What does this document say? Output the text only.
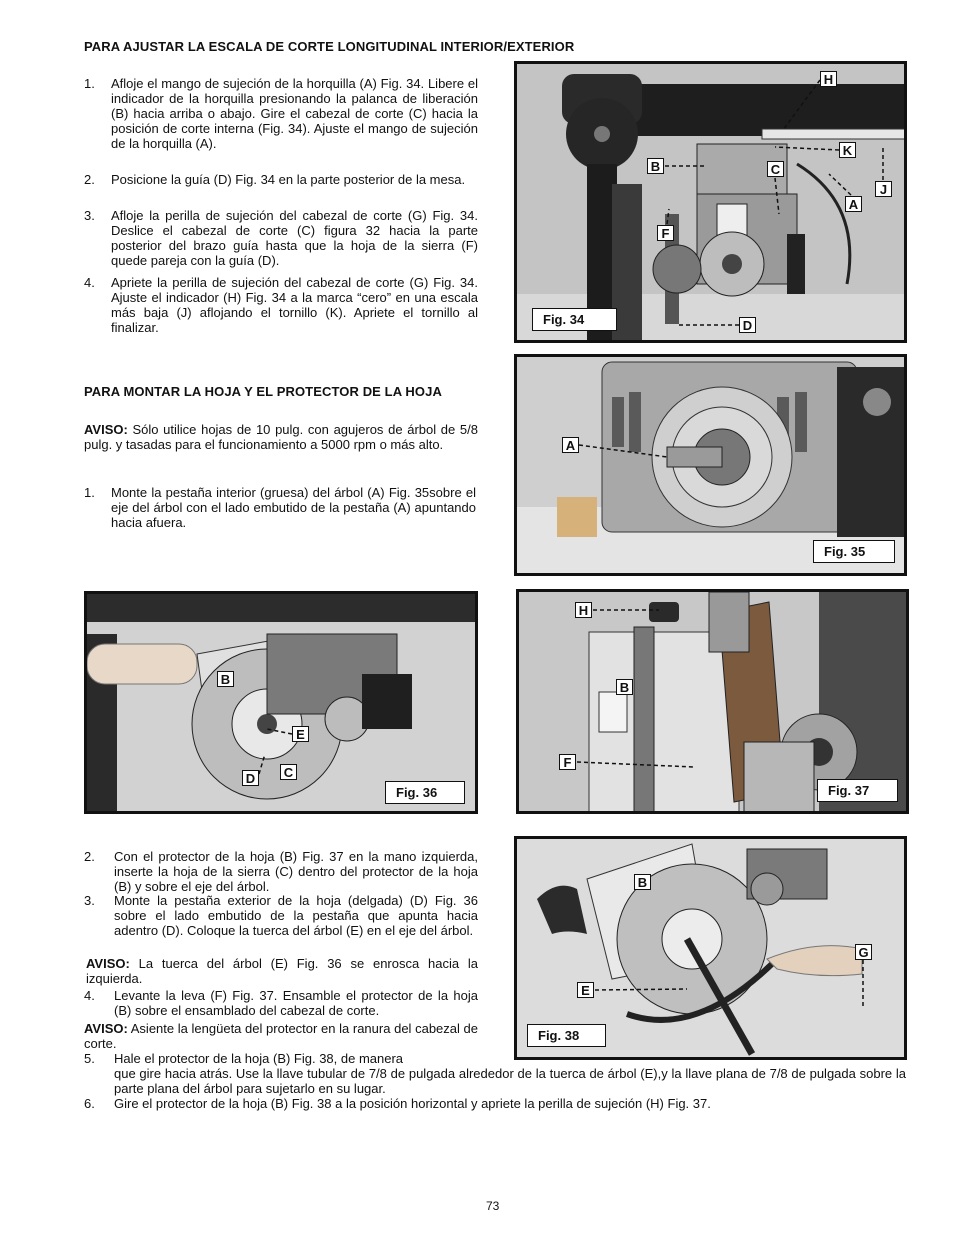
PARA AJUSTAR LA ESCALA DE CORTE LONGITUDINAL INTERIOR/EXTERIOR
1. Afloje el mango de sujeción de la horquilla (A) Fig. 34. Libere el indicador de la horquilla presionando la palanca de liberación (B) hacia arriba o abajo. Gire el cabezal de corte (C) hacia la posición de corte interna (Fig. 34). Ajuste el mango de sujeción de la horquilla (A).
2. Posicione la guía (D) Fig. 34 en la parte posterior de la mesa.
3. Afloje la perilla de sujeción del cabezal de corte (G) Fig. 34. Deslice el cabezal de corte (C) figura 32 hacia la parte posterior del brazo guía hasta que la hoja de la sierra (F) quede pareja con la guía (D).
4. Apriete la perilla de sujeción del cabezal de corte (G) Fig. 34. Ajuste el indicador (H) Fig. 34 a la marca “cero” en una escala más baja (J) aflojando el tornillo (K). Apriete el tornillo al finalizar.
PARA MONTAR LA HOJA Y EL PROTECTOR DE LA HOJA
AVISO: Sólo utilice hojas de 10 pulg. con agujeros de árbol de 5/8 pulg. y tasadas para el funcionamiento a 5000 rpm o más alto.
1. Monte la pestaña interior (gruesa) del árbol (A) Fig. 35sobre el eje del árbol con el lado embutido de la pestaña (A) apuntando hacia afuera.
2. Con el protector de la hoja (B) Fig. 37 en la mano izquierda, inserte la hoja de la sierra (C) dentro del protector de la hoja (B) y sobre el eje del árbol.
3. Monte la pestaña exterior de la hoja (delgada) (D) Fig. 36 sobre el lado embutido de la pestaña que apunta hacia adentro (D). Coloque la tuerca del árbol (E) en el eje del árbol.
AVISO: La tuerca del árbol (E) Fig. 36 se enrosca hacia la izquierda.
4. Levante la leva (F) Fig. 37. Ensamble el protector de la hoja (B) sobre el ensamblado del cabezal de corte.
AVISO: Asiente la lengüeta del protector en la ranura del cabezal de corte.
5. Hale el protector de la hoja (B) Fig. 38, de manera
que gire hacia atrás. Use la llave tubular de 7/8 de pulgada alrededor de la tuerca de árbol (E),y la llave plana de 7/8 de pulgada sobre la parte plana del árbol para sujetarlo en su lugar.
6. Gire el protector de la hoja (B) Fig. 38 a la posición horizontal y apriete la perilla de sujeción (H) Fig. 37.
H
K
B	C
J
A
F
D
Fig. 34
A
Fig. 35
B
E
D C
Fig. 36
H
B
F
Fig. 37
B
G
E
Fig. 38
73
